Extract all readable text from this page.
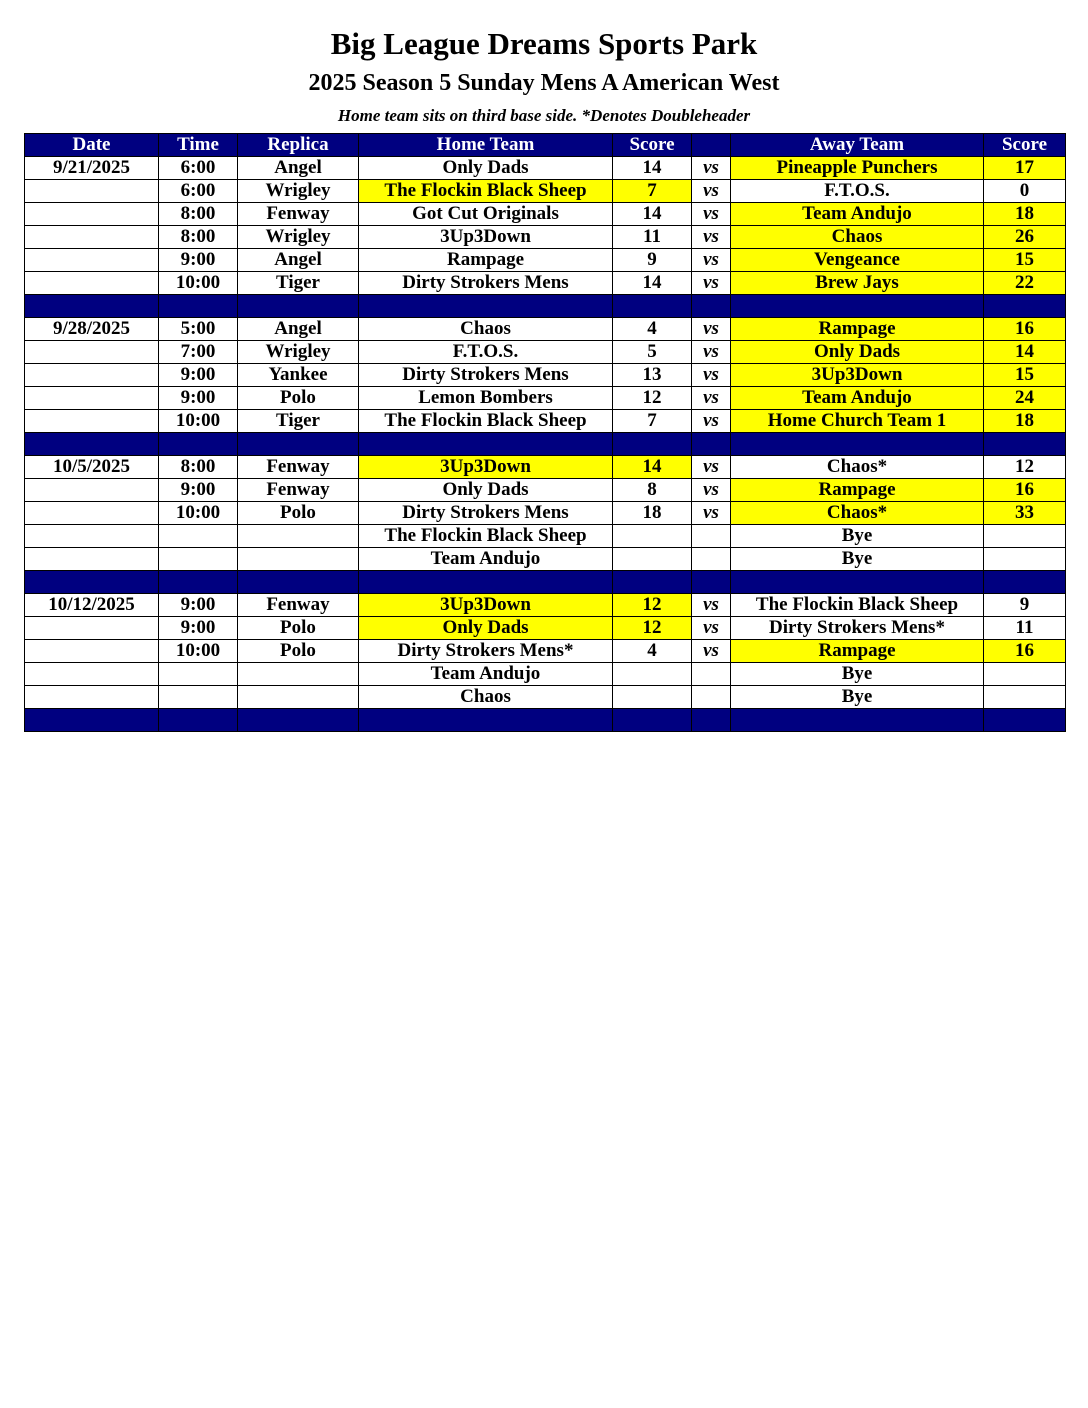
Big League Dreams Sports Park
2025 Season 5 Sunday Mens A American West
Home team sits on third base side. *Denotes Doubleheader
Date	Time	Replica	Home Team	Score		Away Team	Score
9/21/2025	6:00	Angel	Only Dads	14	vs	Pineapple Punchers	17
	6:00	Wrigley	The Flockin Black Sheep	7	vs	F.T.O.S.	0
	8:00	Fenway	Got Cut Originals	14	vs	Team Andujo	18
	8:00	Wrigley	3Up3Down	11	vs	Chaos	26
	9:00	Angel	Rampage	9	vs	Vengeance	15
	10:00	Tiger	Dirty Strokers Mens	14	vs	Brew Jays	22

9/28/2025	5:00	Angel	Chaos	4	vs	Rampage	16
	7:00	Wrigley	F.T.O.S.	5	vs	Only Dads	14
	9:00	Yankee	Dirty Strokers Mens	13	vs	3Up3Down	15
	9:00	Polo	Lemon Bombers	12	vs	Team Andujo	24
	10:00	Tiger	The Flockin Black Sheep	7	vs	Home Church Team 1	18

10/5/2025	8:00	Fenway	3Up3Down	14	vs	Chaos*	12
	9:00	Fenway	Only Dads	8	vs	Rampage	16
	10:00	Polo	Dirty Strokers Mens	18	vs	Chaos*	33
			The Flockin Black Sheep			Bye	
			Team Andujo			Bye	

10/12/2025	9:00	Fenway	3Up3Down	12	vs	The Flockin Black Sheep	9
	9:00	Polo	Only Dads	12	vs	Dirty Strokers Mens*	11
	10:00	Polo	Dirty Strokers Mens*	4	vs	Rampage	16
			Team Andujo			Bye	
			Chaos			Bye	
